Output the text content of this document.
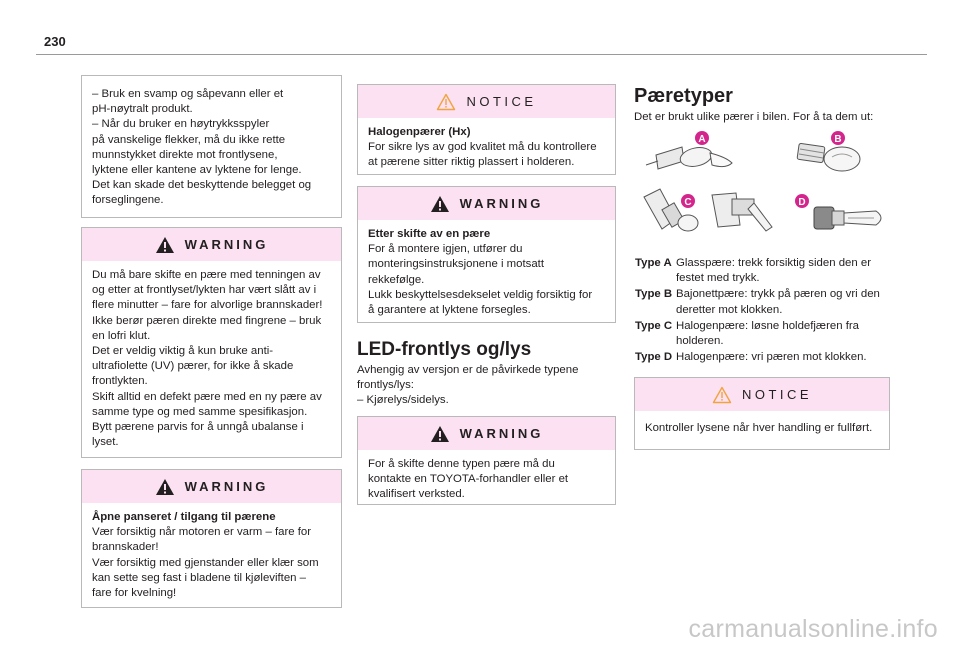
230

– Bruk en svamp og såpevann eller et

pH-nøytralt produkt.

– Når du bruker en høytrykksspyler

på vanskelige flekker, må du ikke rette

munnstykket direkte mot frontlysene,

lyktene eller kantene av lyktene for lenge.

Det kan skade det beskyttende belegget og

forseglingene.

WARNING

Du må bare skifte en pære med tenningen av

og etter at frontlyset/lykten har vært slått av i

flere minutter – fare for alvorlige brannskader!

Ikke berør pæren direkte med fingrene – bruk

en lofri klut.

Det er veldig viktig å kun bruke anti-

ultrafiolette (UV) pærer, for ikke å skade

frontlykten.

Skift alltid en defekt pære med en ny pære av

samme type og med samme spesifikasjon.

Bytt pærene parvis for å unngå ubalanse i

lyset.

WARNING

Åpne panseret / tilgang til pærene

Vær forsiktig når motoren er varm – fare for

brannskader!

Vær forsiktig med gjenstander eller klær som

kan sette seg fast i bladene til kjøleviften –

fare for kvelning!

NOTICE

Halogenpærer (Hx)

For sikre lys av god kvalitet må du kontrollere

at pærene sitter riktig plassert i holderen.

WARNING

Etter skifte av en pære

For å montere igjen, utfører du

monteringsinstruksjonene i motsatt

rekkefølge.

Lukk beskyttelsesdekselet veldig forsiktig for

å garantere at lyktene forsegles.

LED-frontlys og/lys

Avhengig av versjon er de påvirkede typene

frontlys/lys:

– Kjørelys/sidelys.

WARNING

For å skifte denne typen pære må du

kontakte en TOYOTA-forhandler eller et

kvalifisert verksted.

Pæretyper
Det er brukt ulike pærer i bilen. For å ta dem ut:
A	B
C	D
Type A Glasspære: trekk forsiktig siden den er festet med trykk.
Type B Bajonettpære: trykk på pæren og vri den deretter mot klokken.
Type C Halogenpære: løsne holdefjæren fra holderen.
Type D Halogenpære: vri pæren mot klokken.
NOTICE

Kontroller lysene når hver handling er fullført.

carmanualsonline.info
